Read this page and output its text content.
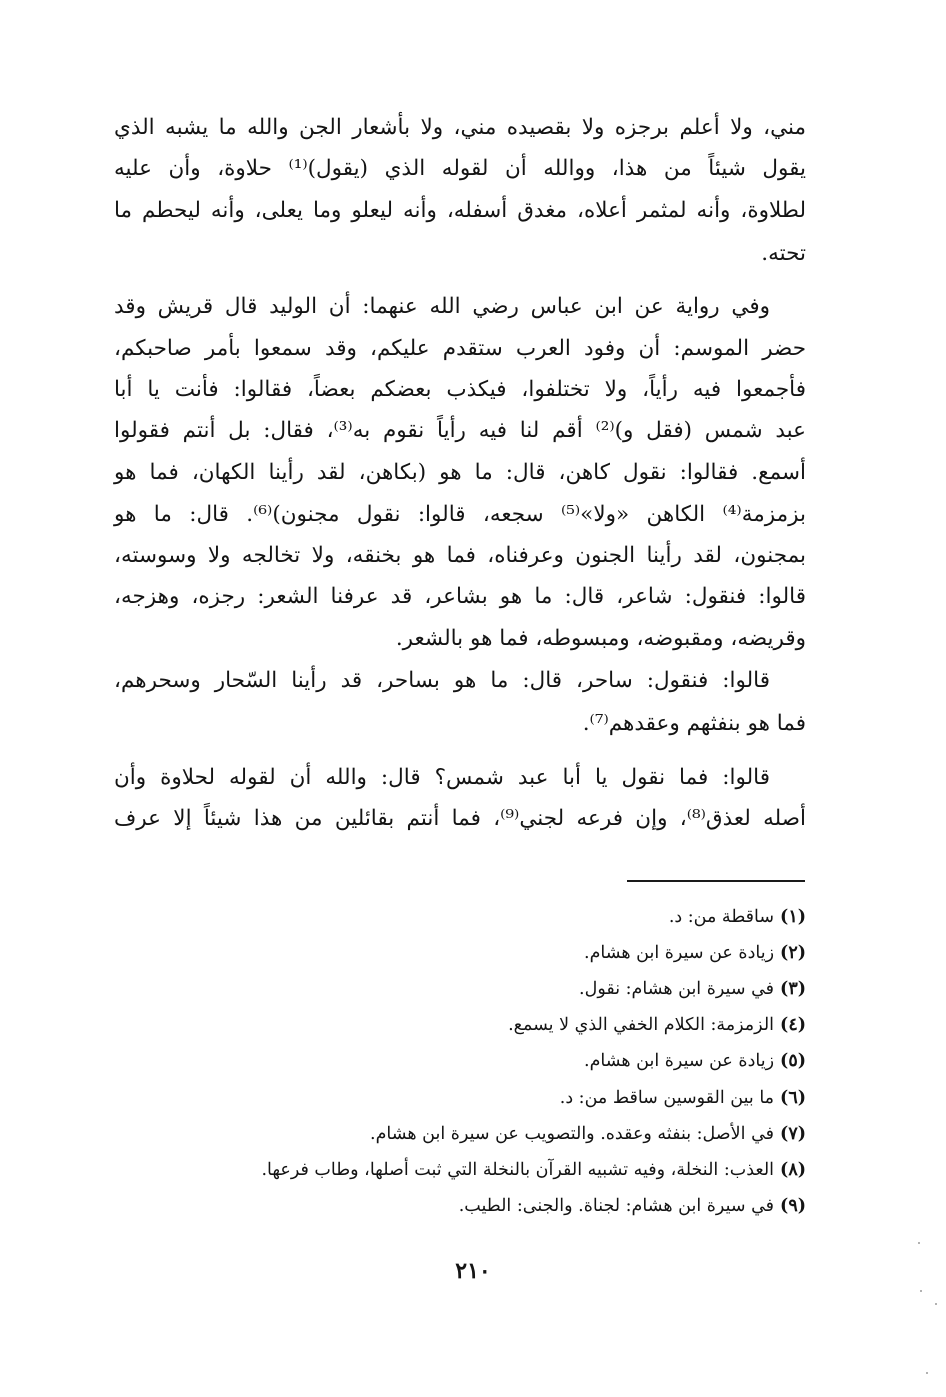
مني، ولا أعلم برجزه ولا بقصيده مني، ولا بأشعار الجن والله ما يشبه الذي
يقول شيئاً من هذا، ووالله أن لقوله الذي (يقول)⁽¹⁾ حلاوة، وأن عليه
لطلاوة، وأنه لمثمر أعلاه، مغدق أسفله، وأنه ليعلو وما يعلى، وأنه ليحطم ما
تحته.
وفي رواية عن ابن عباس رضي الله عنهما: أن الوليد قال قريش وقد
حضر الموسم: أن وفود العرب ستقدم عليكم، وقد سمعوا بأمر صاحبكم،
فأجمعوا فيه رأياً، ولا تختلفوا، فيكذب بعضكم بعضاً، فقالوا: فأنت يا أبا
عبد شمس (فقل و)⁽²⁾ أقم لنا فيه رأياً نقوم به⁽³⁾، فقال: بل أنتم فقولوا
أسمع. فقالوا: نقول كاهن، قال: ما هو (بكاهن، لقد رأينا الكهان، فما هو
بزمزمة⁽⁴⁾ الكاهن «ولا»⁽⁵⁾ سجعه، قالوا: نقول مجنون)⁽⁶⁾. قال: ما هو
بمجنون، لقد رأينا الجنون وعرفناه، فما هو بخنقه، ولا تخالجه ولا وسوسته،
قالوا: فنقول: شاعر، قال: ما هو بشاعر، قد عرفنا الشعر: رجزه، وهزجه،
وقريضه، ومقبوضه، ومبسوطه، فما هو بالشعر.
قالوا: فنقول: ساحر، قال: ما هو بساحر، قد رأينا السّحار وسحرهم،
فما هو بنفثهم وعقدهم⁽⁷⁾.
قالوا: فما نقول يا أبا عبد شمس؟ قال: والله أن لقوله لحلاوة وأن
أصله لعذق⁽⁸⁾، وإن فرعه لجني⁽⁹⁾، فما أنتم بقائلين من هذا شيئاً إلا عرف
(١)ساقطة من: د.
(٢)زيادة عن سيرة ابن هشام.
(٣)في سيرة ابن هشام: نقول.
(٤)الزمزمة: الكلام الخفي الذي لا يسمع.
(٥)زيادة عن سيرة ابن هشام.
(٦)ما بين القوسين ساقط من: د.
(٧)في الأصل: بنفثه وعقده. والتصويب عن سيرة ابن هشام.
(٨)العذب: النخلة، وفيه تشبيه القرآن بالنخلة التي ثبت أصلها، وطاب فرعها.
(٩)في سيرة ابن هشام: لجناة. والجنى: الطيب.
٢١٠
